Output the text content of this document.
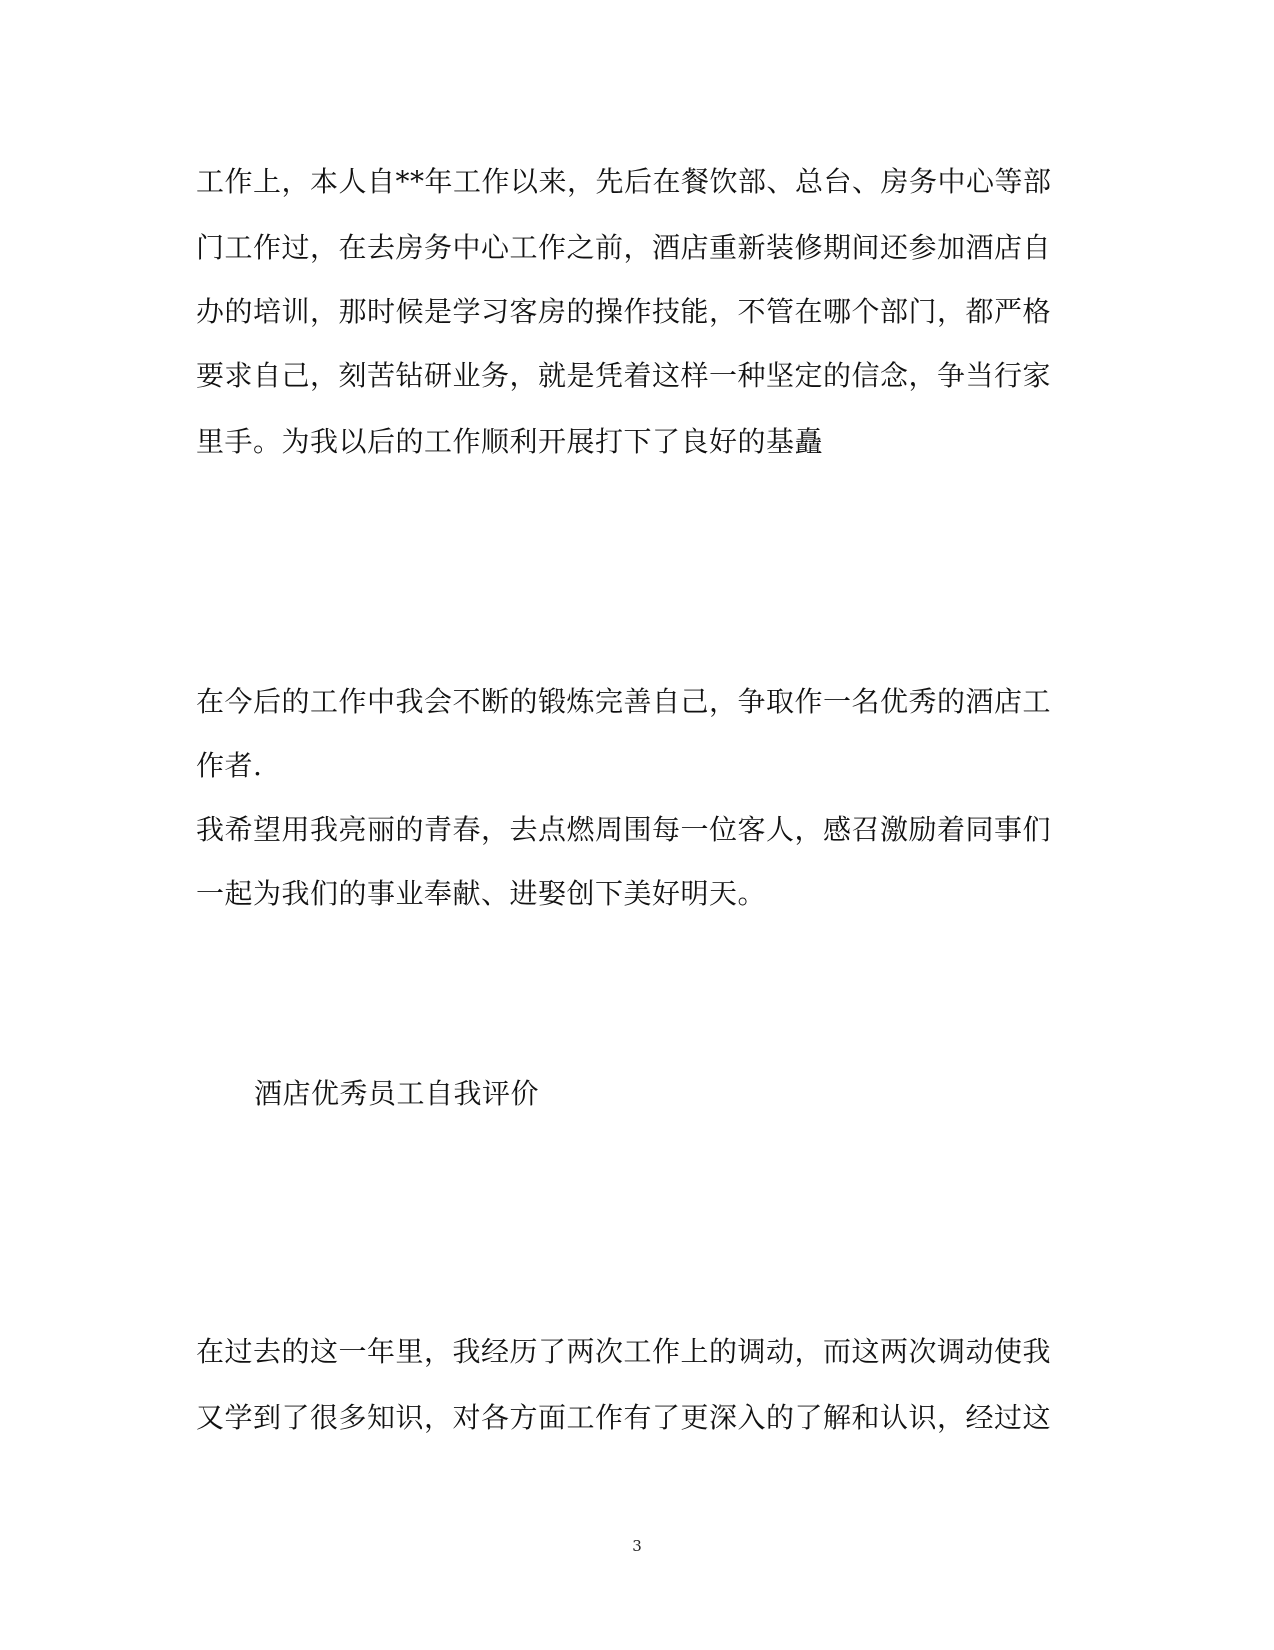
工作上，本人自**年工作以来，先后在餐饮部、总台、房务中心等部
门工作过，在去房务中心工作之前，酒店重新装修期间还参加酒店自
办的培训，那时候是学习客房的操作技能，不管在哪个部门，都严格
要求自己，刻苦钻研业务，就是凭着这样一种坚定的信念，争当行家
里手。为我以后的工作顺利开展打下了良好的基矗
在今后的工作中我会不断的锻炼完善自己，争取作一名优秀的酒店工
作者.
我希望用我亮丽的青春，去点燃周围每一位客人，感召激励着同事们
一起为我们的事业奉献、进娶创下美好明天。
酒店优秀员工自我评价
在过去的这一年里，我经历了两次工作上的调动，而这两次调动使我
又学到了很多知识，对各方面工作有了更深入的了解和认识，经过这
3
